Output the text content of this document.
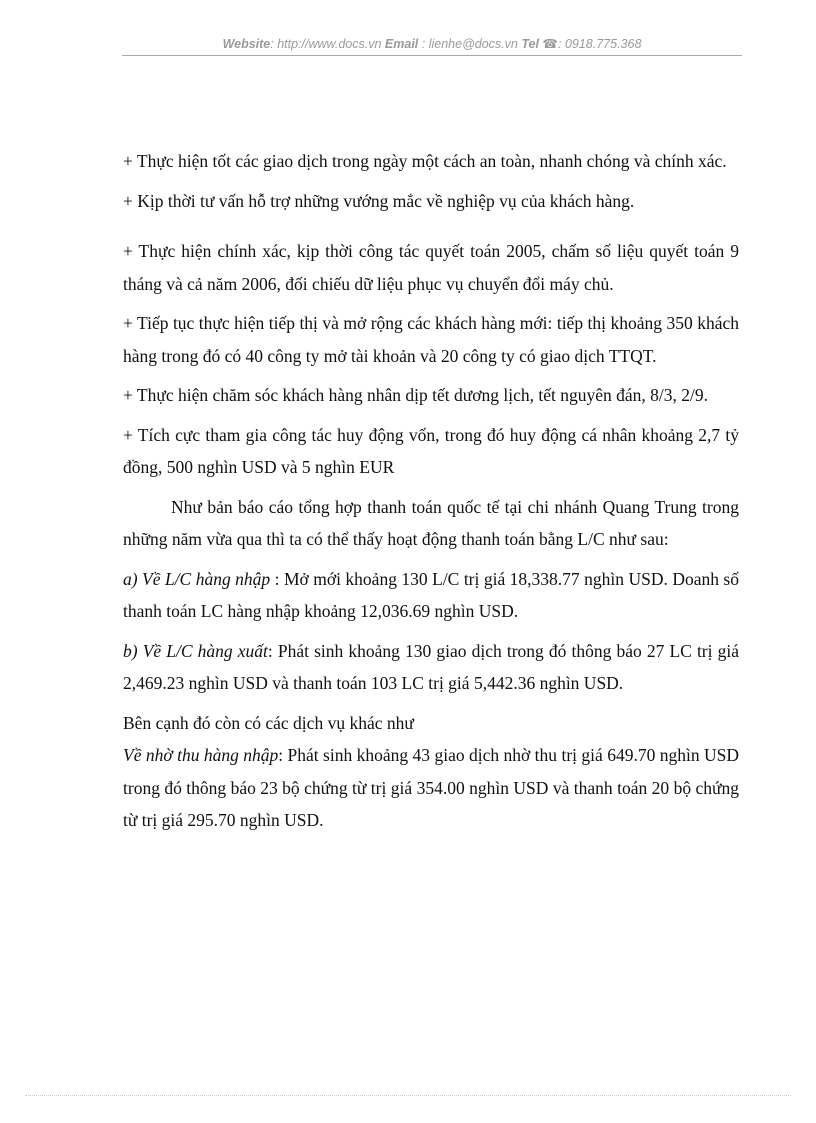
Website: http://www.docs.vn Email : lienhe@docs.vn Tel ☎: 0918.775.368

+ Thực hiện tốt các giao dịch trong ngày một cách an toàn, nhanh chóng và chính xác.

+ Kịp thời tư vấn hỗ trợ những vướng mắc về nghiệp vụ của khách hàng.

+ Thực hiện chính xác, kịp thời công tác quyết toán 2005, chấm số liệu quyết toán 9 tháng và cả năm 2006, đối chiếu dữ liệu phục vụ chuyển đổi máy chủ.

+ Tiếp tục thực hiện tiếp thị và mở rộng các khách hàng mới: tiếp thị khoảng 350 khách hàng trong đó có 40 công ty mở tài khoản và 20 công ty có giao dịch TTQT.

+ Thực hiện chăm sóc khách hàng nhân dịp tết dương lịch, tết nguyên đán, 8/3, 2/9.

+ Tích cực tham gia công tác huy động vốn, trong đó huy động cá nhân khoảng 2,7 tỷ đồng, 500 nghìn USD và 5 nghìn EUR

Như bản báo cáo tổng hợp thanh toán quốc tế tại chi nhánh Quang Trung trong những năm vừa qua thì ta có thể thấy hoạt động thanh toán bằng L/C như sau:

a) Về L/C hàng nhập : Mở mới khoảng 130 L/C trị giá 18,338.77 nghìn USD. Doanh số thanh toán LC hàng nhập khoảng 12,036.69 nghìn USD.

b) Về L/C hàng xuất: Phát sinh khoảng 130 giao dịch trong đó thông báo 27 LC trị giá 2,469.23 nghìn USD và thanh toán 103 LC trị giá 5,442.36 nghìn USD.

Bên cạnh đó còn có các dịch vụ khác như

Về nhờ thu hàng nhập: Phát sinh khoảng 43 giao dịch nhờ thu trị giá 649.70 nghìn USD trong đó thông báo 23 bộ chứng từ trị giá 354.00 nghìn USD và thanh toán 20 bộ chứng từ trị giá 295.70 nghìn USD.
